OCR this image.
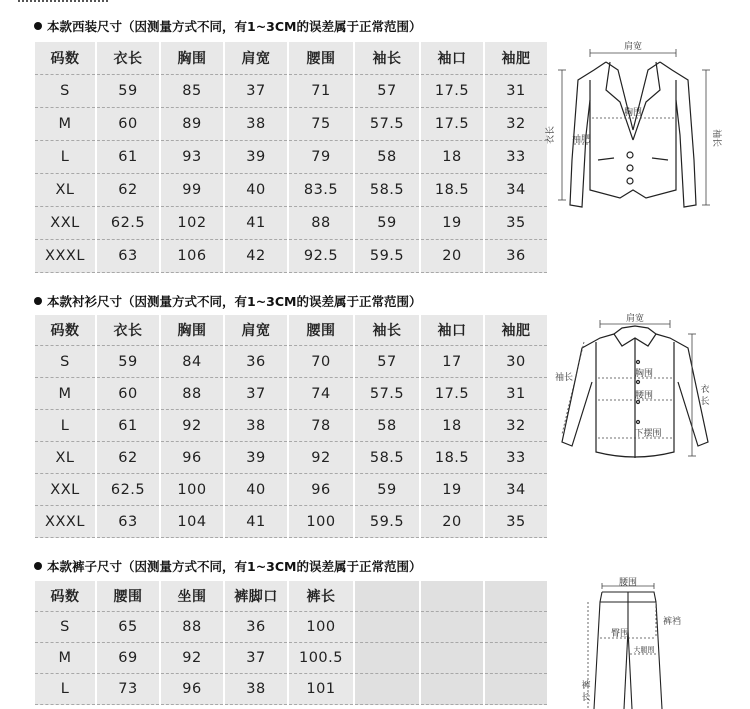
本款西装尺寸（因测量方式不同，有1~3CM的误差属于正常范围）
码数	衣长	胸围	肩宽	腰围	袖长	袖口	袖肥
S	59	85	37	71	57	17.5	31
M	60	89	38	75	57.5	17.5	32
L	61	93	39	79	58	18	33
XL	62	99	40	83.5	58.5	18.5	34
XXL	62.5	102	41	88	59	19	35
XXXL	63	106	42	92.5	59.5	20	36
肩宽
胸围
衣长 袖肥	袖长
本款衬衫尺寸（因测量方式不同，有1~3CM的误差属于正常范围）
码数	衣长	胸围	肩宽	腰围	袖长	袖口	袖肥
S	59	84	36	70	57	17	30
M	60	88	37	74	57.5	17.5	31
L	61	92	38	78	58	18	32
XL	62	96	39	92	58.5	18.5	33
XXL	62.5	100	40	96	59	19	34
XXXL	63	104	41	100	59.5	20	35
肩宽
胸围
腰围
下摆围
袖长
衣
长
本款裤子尺寸（因测量方式不同，有1~3CM的误差属于正常范围）
码数	腰围	坐围	裤脚口	裤长			
S	65	88	36	100			
M	69	92	37	100.5			
L	73	96	38	101			
腰围
裤裆
臀围
大腿围
裤
长
